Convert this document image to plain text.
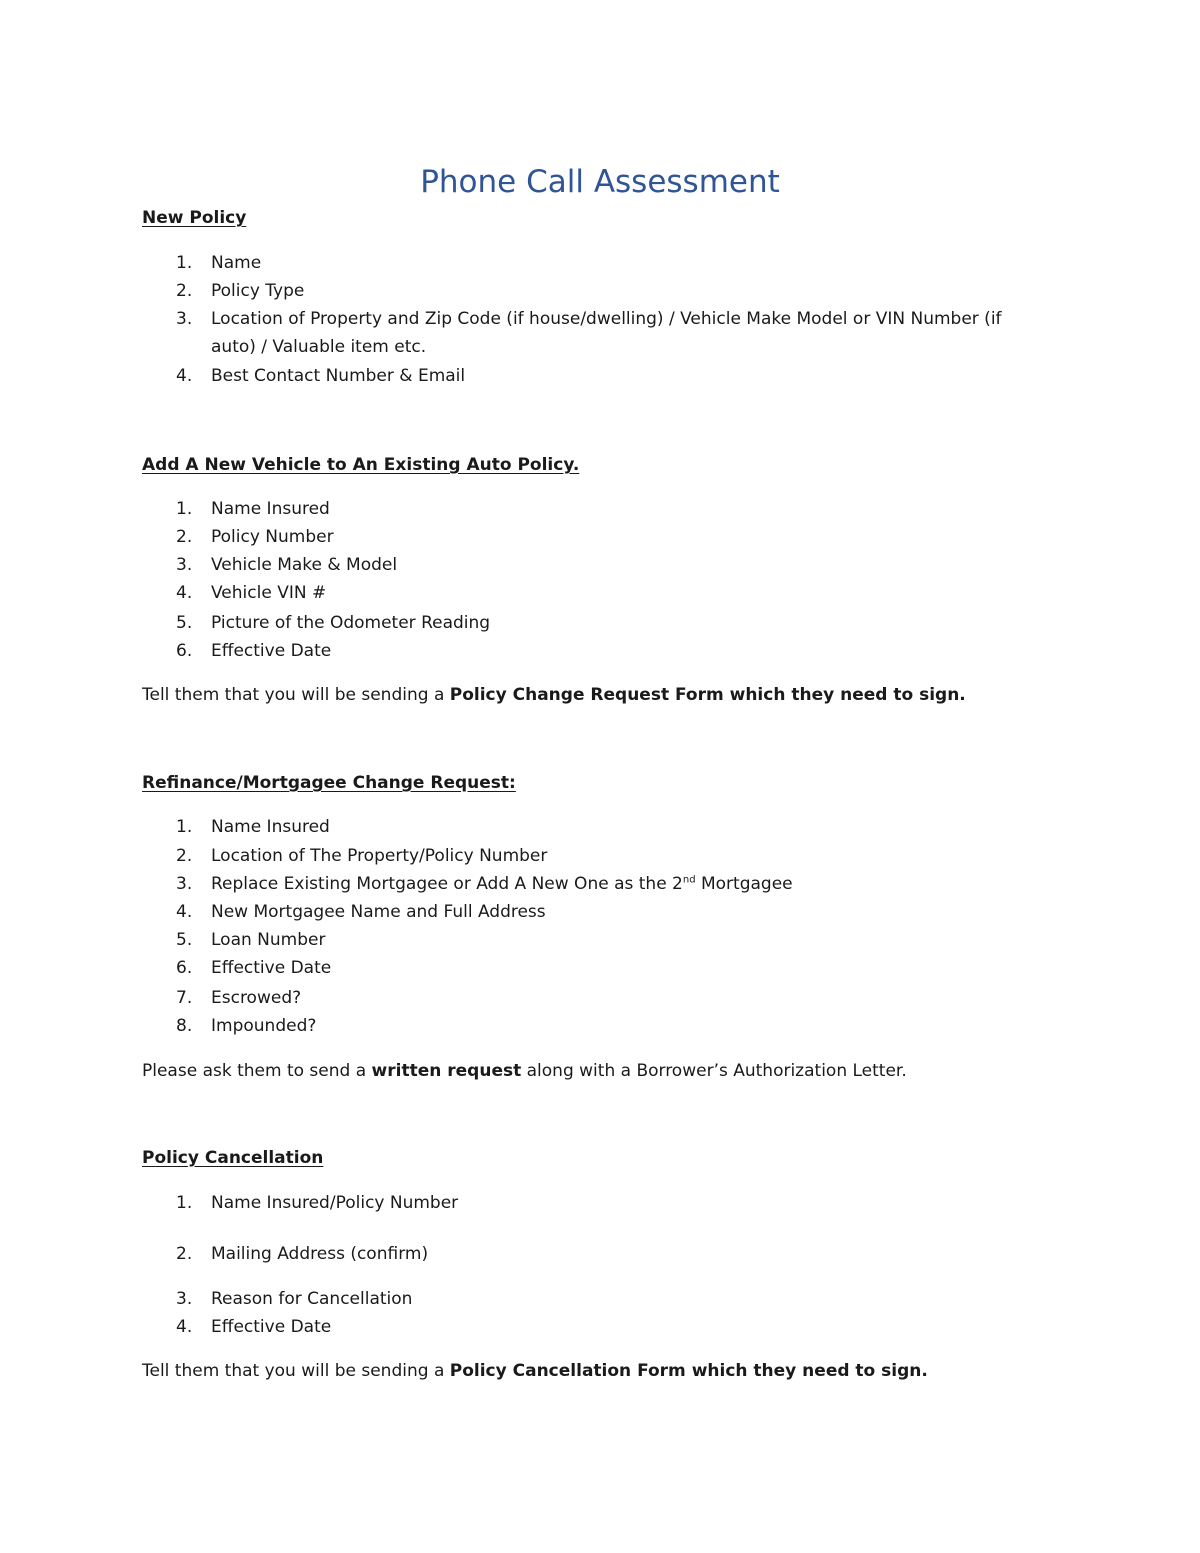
Phone Call Assessment

New Policy

1.	Name
2.	Policy Type
3.	Location of Property and Zip Code (if house/dwelling) / Vehicle Make Model or VIN Number (if auto) / Valuable item etc.
4.	Best Contact Number & Email

Add A New Vehicle to An Existing Auto Policy.

1.	Name Insured
2.	Policy Number
3.	Vehicle Make & Model
4.	Vehicle VIN #
5.	Picture of the Odometer Reading
6.	Effective Date

Tell them that you will be sending a Policy Change Request Form which they need to sign.

Refinance/Mortgagee Change Request:

1.	Name Insured
2.	Location of The Property/Policy Number
3.	Replace Existing Mortgagee or Add A New One as the 2nd Mortgagee
4.	New Mortgagee Name and Full Address
5.	Loan Number
6.	Effective Date
7.	Escrowed?
8.	Impounded?

Please ask them to send a written request along with a Borrower’s Authorization Letter.

Policy Cancellation

1.	Name Insured/Policy Number
2.	Mailing Address (confirm)
3.	Reason for Cancellation
4.	Effective Date

Tell them that you will be sending a Policy Cancellation Form which they need to sign.
